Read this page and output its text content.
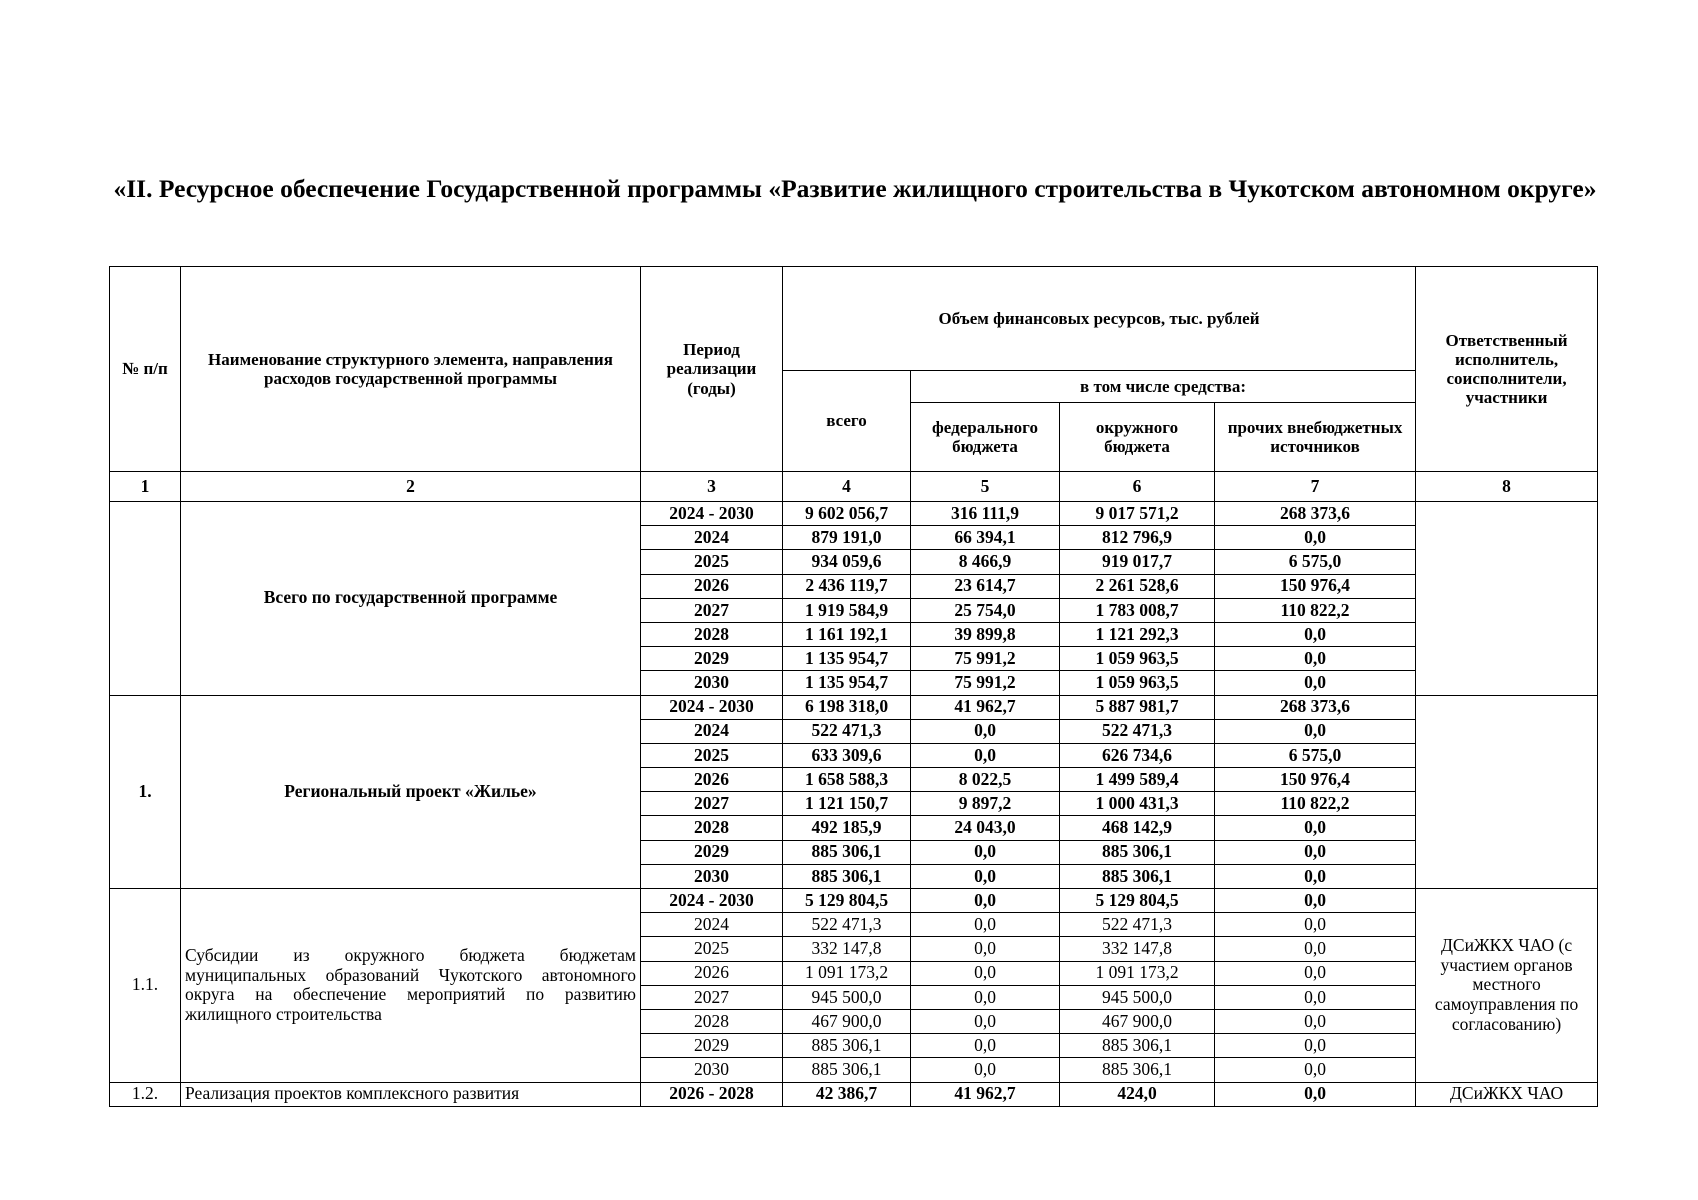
«II. Ресурсное обеспечение Государственной программы «Развитие жилищного строительства в Чукотском автономном округе»
№ п/п	Наименование структурного элемента, направления расходов государственной программы	Период реализации (годы)	Объем финансовых ресурсов, тыс. рублей				Ответственный исполнитель, соисполнители, участники
			всего	в том числе средства:			
				федерального бюджета	окружного бюджета	прочих внебюджетных источников	
1	2	3	4	5	6	7	8
	Всего по государственной программе	2024 - 2030	9 602 056,7	316 111,9	9 017 571,2	268 373,6	
		2024	879 191,0	66 394,1	812 796,9	0,0	
		2025	934 059,6	8 466,9	919 017,7	6 575,0	
		2026	2 436 119,7	23 614,7	2 261 528,6	150 976,4	
		2027	1 919 584,9	25 754,0	1 783 008,7	110 822,2	
		2028	1 161 192,1	39 899,8	1 121 292,3	0,0	
		2029	1 135 954,7	75 991,2	1 059 963,5	0,0	
		2030	1 135 954,7	75 991,2	1 059 963,5	0,0	
1.	Региональный проект «Жилье»	2024 - 2030	6 198 318,0	41 962,7	5 887 981,7	268 373,6	
		2024	522 471,3	0,0	522 471,3	0,0	
		2025	633 309,6	0,0	626 734,6	6 575,0	
		2026	1 658 588,3	8 022,5	1 499 589,4	150 976,4	
		2027	1 121 150,7	9 897,2	1 000 431,3	110 822,2	
		2028	492 185,9	24 043,0	468 142,9	0,0	
		2029	885 306,1	0,0	885 306,1	0,0	
		2030	885 306,1	0,0	885 306,1	0,0	
1.1.	Субсидии из окружного бюджета бюджетам муниципальных образований Чукотского автономного округа на обеспечение мероприятий по развитию жилищного строительства	2024 - 2030	5 129 804,5	0,0	5 129 804,5	0,0	ДСиЖКХ ЧАО (с участием органов местного самоуправления по согласованию)
		2024	522 471,3	0,0	522 471,3	0,0	
		2025	332 147,8	0,0	332 147,8	0,0	
		2026	1 091 173,2	0,0	1 091 173,2	0,0	
		2027	945 500,0	0,0	945 500,0	0,0	
		2028	467 900,0	0,0	467 900,0	0,0	
		2029	885 306,1	0,0	885 306,1	0,0	
		2030	885 306,1	0,0	885 306,1	0,0	
1.2.	Реализация проектов комплексного развития	2026 - 2028	42 386,7	41 962,7	424,0	0,0	ДСиЖКХ ЧАО
